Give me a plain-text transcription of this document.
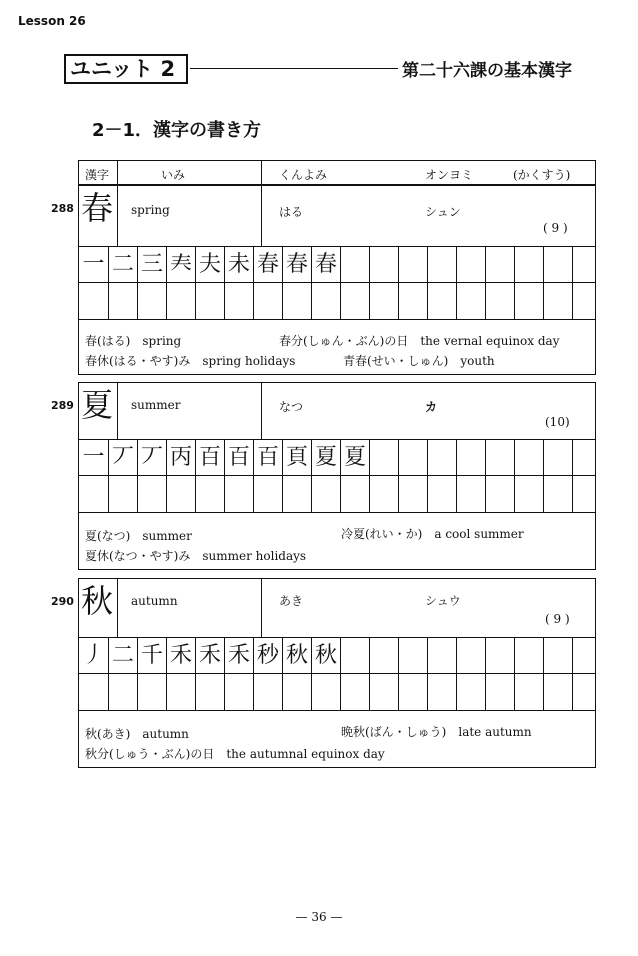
Lesson 26
ユニット 2	第二十六課の基本漢字
2－1．漢字の書き方
漢字	いみ	くんよみ	オンヨミ	(かくすう)
288 春 spring	はる	シュン
( 9 )
一 二 三 𡗗 夫 未 春 春 春
春(はる)　spring	春分(しゅん・ぶん)の日　the vernal equinox day
春休(はる・やす)み　spring holidays	青春(せい・しゅん)　youth
289 夏 summer	なつ	カ
(10)
一 丆 丆 丙 百 百 百 頁 夏 夏
夏(なつ)　summer	冷夏(れい・か)　a cool summer
夏休(なつ・やす)み　summer holidays
290 秋 autumn	あき	シュウ
( 9 )
丿 二 千 禾 禾 禾 秒 秋 秋
秋(あき)　autumn	晩秋(ばん・しゅう)　late autumn
秋分(しゅう・ぶん)の日　the autumnal equinox day
— 36 —
